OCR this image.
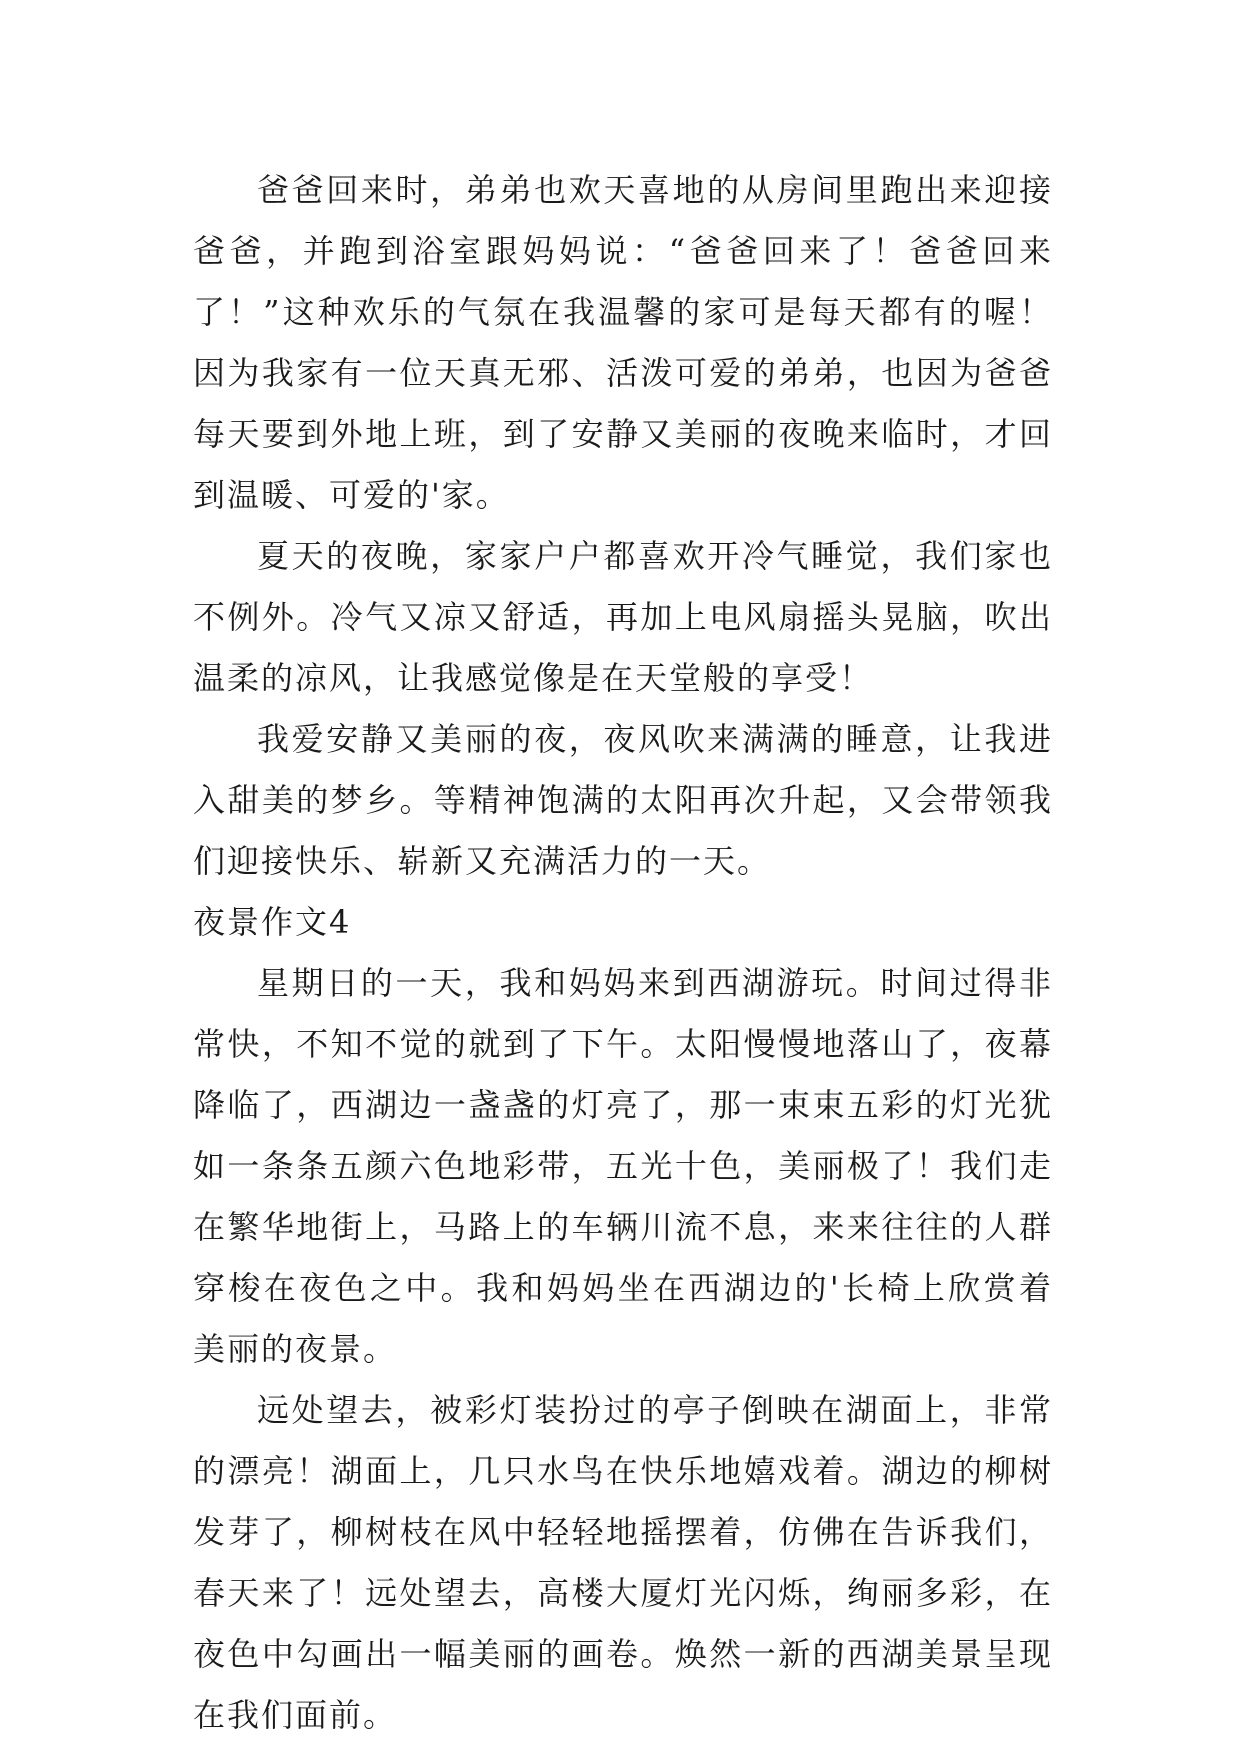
爸爸回来时，弟弟也欢天喜地的从房间里跑出来迎接爸爸，并跑到浴室跟妈妈说：“爸爸回来了！爸爸回来了！”这种欢乐的气氛在我温馨的家可是每天都有的喔！因为我家有一位天真无邪、活泼可爱的弟弟，也因为爸爸每天要到外地上班，到了安静又美丽的夜晚来临时，才回到温暖、可爱的'家。

夏天的夜晚，家家户户都喜欢开冷气睡觉，我们家也不例外。冷气又凉又舒适，再加上电风扇摇头晃脑，吹出温柔的凉风，让我感觉像是在天堂般的享受！

我爱安静又美丽的夜，夜风吹来满满的睡意，让我进入甜美的梦乡。等精神饱满的太阳再次升起，又会带领我们迎接快乐、崭新又充满活力的一天。

夜景作文4

星期日的一天，我和妈妈来到西湖游玩。时间过得非常快，不知不觉的就到了下午。太阳慢慢地落山了，夜幕降临了，西湖边一盏盏的灯亮了，那一束束五彩的灯光犹如一条条五颜六色地彩带，五光十色，美丽极了！我们走在繁华地街上，马路上的车辆川流不息，来来往往的人群穿梭在夜色之中。我和妈妈坐在西湖边的'长椅上欣赏着美丽的夜景。

远处望去，被彩灯装扮过的亭子倒映在湖面上，非常的漂亮！湖面上，几只水鸟在快乐地嬉戏着。湖边的柳树发芽了，柳树枝在风中轻轻地摇摆着，仿佛在告诉我们，春天来了！远处望去，高楼大厦灯光闪烁，绚丽多彩，在夜色中勾画出一幅美丽的画卷。焕然一新的西湖美景呈现在我们面前。
